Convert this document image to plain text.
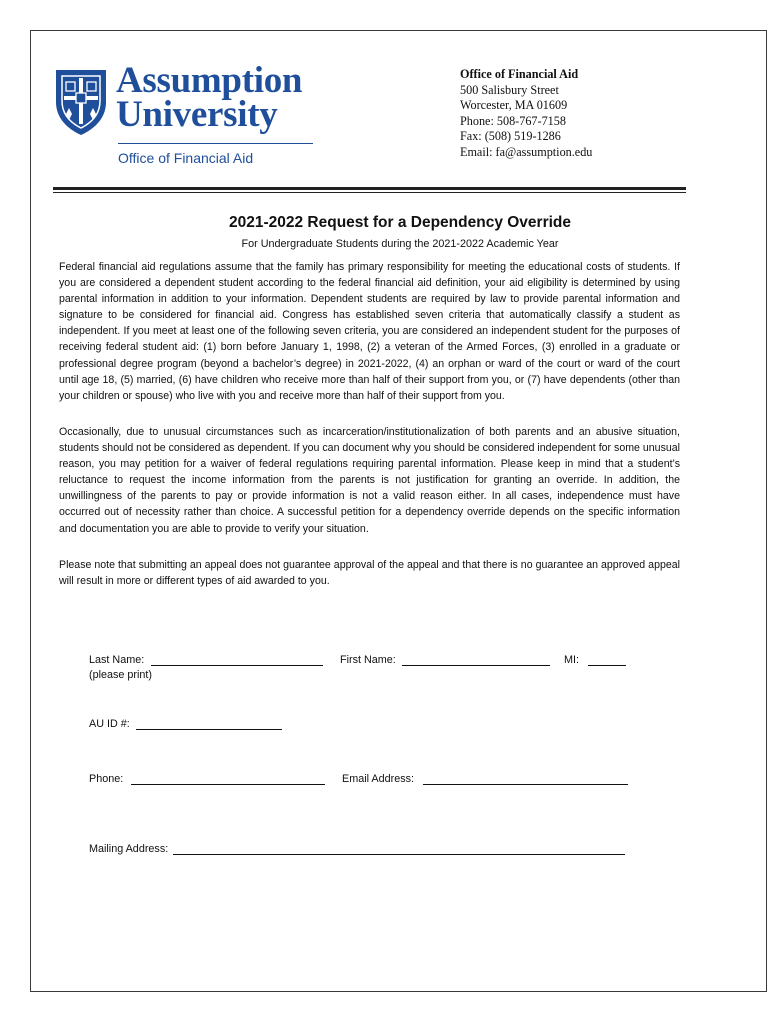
Assumption
University
Office of Financial Aid
Office of Financial Aid
500 Salisbury Street
Worcester, MA 01609
Phone: 508-767-7158
Fax: (508) 519-1286
Email: fa@assumption.edu
2021-2022 Request for a Dependency Override
For Undergraduate Students during the 2021-2022 Academic Year
Federal financial aid regulations assume that the family has primary responsibility for meeting the educational costs of students. If you are considered a dependent student according to the federal financial aid definition, your aid eligibility is determined by using parental information in addition to your information. Dependent students are required by law to provide parental information and signature to be considered for financial aid. Congress has established seven criteria that automatically classify a student as independent. If you meet at least one of the following seven criteria, you are considered an independent student for the purposes of receiving federal student aid: (1) born before January 1, 1998, (2) a veteran of the Armed Forces, (3) enrolled in a graduate or professional degree program (beyond a bachelor’s degree) in 2021-2022, (4) an orphan or ward of the court or ward of the court until age 18, (5) married, (6) have children who receive more than half of their support from you, or (7) have dependents (other than your children or spouse) who live with you and receive more than half of their support from you.
Occasionally, due to unusual circumstances such as incarceration/institutionalization of both parents and an abusive situation, students should not be considered as dependent. If you can document why you should be considered independent for some unusual reason, you may petition for a waiver of federal regulations requiring parental information. Please keep in mind that a student’s reluctance to request the income information from the parents is not justification for granting an override. In addition, the unwillingness of the parents to pay or provide information is not a valid reason either. In all cases, independence must have occurred out of necessity rather than choice. A successful petition for a dependency override depends on the specific information and documentation you are able to provide to verify your situation.
Please note that submitting an appeal does not guarantee approval of the appeal and that there is no guarantee an approved appeal will result in more or different types of aid awarded to you.
Last Name:
(please print)
First Name:	MI:
AU ID #:
Phone:	Email Address:
Mailing Address:
